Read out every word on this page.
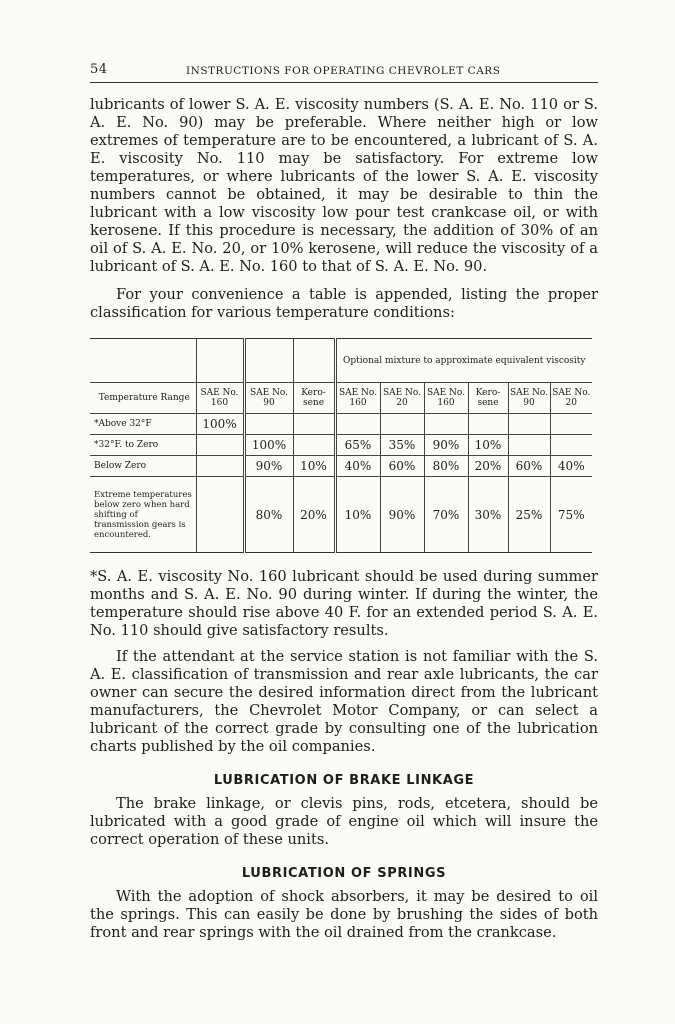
54	INSTRUCTIONS FOR OPERATING CHEVROLET CARS

lubricants of lower S. A. E. viscosity numbers (S. A. E. No. 110 or S. A. E. No. 90) may be preferable. Where neither high or low extremes of temperature are to be encountered, a lubricant of S. A. E. viscosity No. 110 may be satisfactory. For extreme low temperatures, or where lubricants of the lower S. A. E. viscosity numbers cannot be obtained, it may be desirable to thin the lubricant with a low viscosity low pour test crankcase oil, or with kerosene. If this procedure is necessary, the addition of 30% of an oil of S. A. E. No. 20, or 10% kerosene, will reduce the viscosity of a lubricant of S. A. E. No. 160 to that of S. A. E. No. 90.

For your convenience a table is appended, listing the proper classification for various temperature conditions:

				Optional mixture to approximate equivalent viscosity					
Temperature Range	SAE No. 160	SAE No. 90	Kero-sene	SAE No. 160	SAE No. 20	SAE No. 160	Kero-sene	SAE No. 90	SAE No. 20
*Above 32°F	100%								
*32°F. to Zero		100%		65%	35%	90%	10%		
Below Zero		90%	10%	40%	60%	80%	20%	60%	40%
Extreme temperatures below zero when hard shifting of transmission gears is encountered.		80%	20%	10%	90%	70%	30%	25%	75%

*S. A. E. viscosity No. 160 lubricant should be used during summer months and S. A. E. No. 90 during winter. If during the winter, the temperature should rise above 40 F. for an extended period S. A. E. No. 110 should give satisfactory results.

If the attendant at the service station is not familiar with the S. A. E. classification of transmission and rear axle lubricants, the car owner can secure the desired information direct from the lubricant manufacturers, the Chevrolet Motor Company, or can select a lubricant of the correct grade by consulting one of the lubrication charts published by the oil companies.

LUBRICATION OF BRAKE LINKAGE

The brake linkage, or clevis pins, rods, etcetera, should be lubricated with a good grade of engine oil which will insure the correct operation of these units.

LUBRICATION OF SPRINGS

With the adoption of shock absorbers, it may be desired to oil the springs. This can easily be done by brushing the sides of both front and rear springs with the oil drained from the crankcase.
